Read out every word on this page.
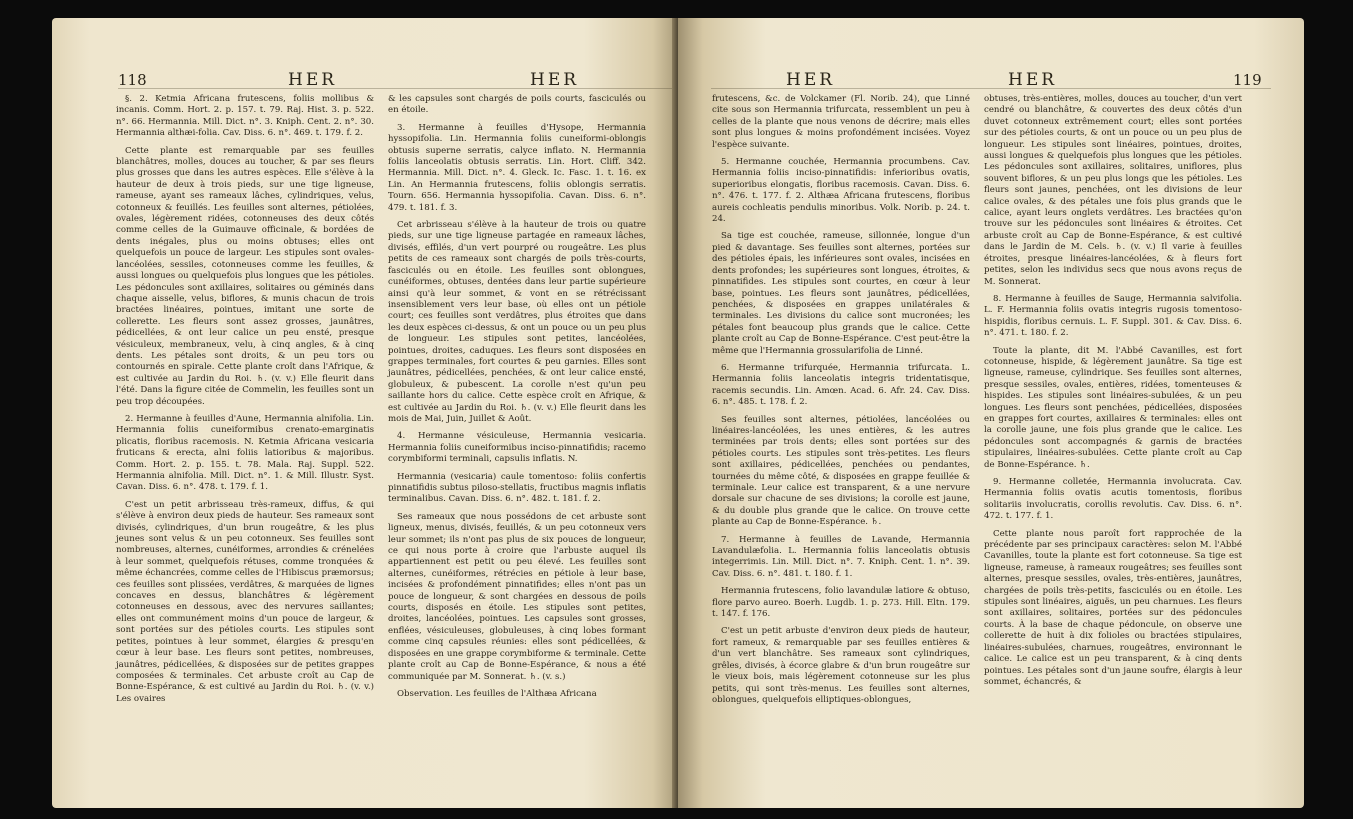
118	HER	HER

§. 2. Ketmia Africana frutescens, foliis mollibus & incanis. Comm. Hort. 2. p. 157. t. 79. Raj. Hist. 3. p. 522. n°. 66. Hermannia. Mill. Dict. n°. 3. Kniph. Cent. 2. n°. 30. Hermannia althæi-folia. Cav. Diss. 6. n°. 469. t. 179. f. 2.

Cette plante est remarquable par ses feuilles blanchâtres, molles, douces au toucher, & par ses fleurs plus grosses que dans les autres espèces. Elle s'élève à la hauteur de deux à trois pieds, sur une tige ligneuse, rameuse, ayant ses rameaux lâches, cylindriques, velus, cotonneux & feuillés. Les feuilles sont alternes, pétiolées, ovales, légèrement ridées, cotonneuses des deux côtés comme celles de la Guimauve officinale, & bordées de dents inégales, plus ou moins obtuses; elles ont quelquefois un pouce de largeur. Les stipules sont ovales-lancéolées, sessiles, cotonneuses comme les feuilles, & aussi longues ou quelquefois plus longues que les pétioles. Les pédoncules sont axillaires, solitaires ou géminés dans chaque aisselle, velus, biflores, & munis chacun de trois bractées linéaires, pointues, imitant une sorte de collerette. Les fleurs sont assez grosses, jaunâtres, pédicellées, & ont leur calice un peu ensté, presque vésiculeux, membraneux, velu, à cinq angles, & à cinq dents. Les pétales sont droits, & un peu tors ou contournés en spirale. Cette plante croît dans l'Afrique, & est cultivée au Jardin du Roi. ♄. (v. v.) Elle fleurit dans l'été. Dans la figure citée de Commelin, les feuilles sont un peu trop découpées.

2. Hermanne à feuilles d'Aune, Hermannia alnifolia. Lin. Hermannia foliis cuneiformibus crenato-emarginatis plicatis, floribus racemosis. N. Ketmia Africana vesicaria fruticans & erecta, alni foliis latioribus & majoribus. Comm. Hort. 2. p. 155. t. 78. Mala. Raj. Suppl. 522. Hermannia alnifolia. Mill. Dict. n°. 1. & Mill. Illustr. Syst. Cavan. Diss. 6. n°. 478. t. 179. f. 1.

C'est un petit arbrisseau très-rameux, diffus, & qui s'élève à environ deux pieds de hauteur. Ses rameaux sont divisés, cylindriques, d'un brun rougeâtre, & les plus jeunes sont velus & un peu cotonneux. Ses feuilles sont nombreuses, alternes, cunéiformes, arrondies & crénelées à leur sommet, quelquefois rétuses, comme tronquées & même échancrées, comme celles de l'Hibiscus præmorsus; ces feuilles sont plissées, verdâtres, & marquées de lignes concaves en dessus, blanchâtres & légèrement cotonneuses en dessous, avec des nervures saillantes; elles ont communément moins d'un pouce de largeur, & sont portées sur des pétioles courts. Les stipules sont petites, pointues à leur sommet, élargies & presqu'en cœur à leur base. Les fleurs sont petites, nombreuses, jaunâtres, pédicellées, & disposées sur de petites grappes composées & terminales. Cet arbuste croît au Cap de Bonne-Espérance, & est cultivé au Jardin du Roi. ♄. (v. v.) Les ovaires

& les capsules sont chargés de poils courts, fasciculés ou en étoile.

3. Hermanne à feuilles d'Hysope, Hermannia hyssopifolia. Lin. Hermannia foliis cuneiformi-oblongis obtusis superne serratis, calyce inflato. N. Hermannia foliis lanceolatis obtusis serratis. Lin. Hort. Cliff. 342. Hermannia. Mill. Dict. n°. 4. Gleck. Ic. Fasc. 1. t. 16. ex Lin. An Hermannia frutescens, foliis oblongis serratis. Tourn. 656. Hermannia hyssopifolia. Cavan. Diss. 6. n°. 479. t. 181. f. 3.

Cet arbrisseau s'élève à la hauteur de trois ou quatre pieds, sur une tige ligneuse partagée en rameaux lâches, divisés, effilés, d'un vert pourpré ou rougeâtre. Les plus petits de ces rameaux sont chargés de poils très-courts, fasciculés ou en étoile. Les feuilles sont oblongues, cunéiformes, obtuses, dentées dans leur partie supérieure ainsi qu'à leur sommet, & vont en se rétrécissant insensiblement vers leur base, où elles ont un pétiole court; ces feuilles sont verdâtres, plus étroites que dans les deux espèces ci-dessus, & ont un pouce ou un peu plus de longueur. Les stipules sont petites, lancéolées, pointues, droites, caduques. Les fleurs sont disposées en grappes terminales, fort courtes & peu garnies. Elles sont jaunâtres, pédicellées, penchées, & ont leur calice ensté, globuleux, & pubescent. La corolle n'est qu'un peu saillante hors du calice. Cette espèce croît en Afrique, & est cultivée au Jardin du Roi. ♄. (v. v.) Elle fleurit dans les mois de Mai, Juin, Juillet & Août.

4. Hermanne vésiculeuse, Hermannia vesicaria. Hermannia foliis cuneiformibus inciso-pinnatifidis; racemo corymbiformi terminali, capsulis inflatis. N.

Hermannia (vesicaria) caule tomentoso: foliis confertis pinnatifidis subtus piloso-stellatis, fructibus magnis inflatis terminalibus. Cavan. Diss. 6. n°. 482. t. 181. f. 2.

Ses rameaux que nous possédons de cet arbuste sont ligneux, menus, divisés, feuillés, & un peu cotonneux vers leur sommet; ils n'ont pas plus de six pouces de longueur, ce qui nous porte à croire que l'arbuste auquel ils appartiennent est petit ou peu élevé. Les feuilles sont alternes, cunéiformes, rétrécies en pétiole à leur base, incisées & profondément pinnatifides; elles n'ont pas un pouce de longueur, & sont chargées en dessous de poils courts, disposés en étoile. Les stipules sont petites, droites, lancéolées, pointues. Les capsules sont grosses, enflées, vésiculeuses, globuleuses, à cinq lobes formant comme cinq capsules réunies: elles sont pédicellées, & disposées en une grappe corymbiforme & terminale. Cette plante croît au Cap de Bonne-Espérance, & nous a été communiquée par M. Sonnerat. ♄. (v. s.)

Observation. Les feuilles de l'Althæa Africana

HER	HER	119

frutescens, &c. de Volckamer (Fl. Norib. 24), que Linné cite sous son Hermannia trifurcata, ressemblent un peu à celles de la plante que nous venons de décrire; mais elles sont plus longues & moins profondément incisées. Voyez l'espèce suivante.

5. Hermanne couchée, Hermannia procumbens. Cav. Hermannia foliis inciso-pinnatifidis: inferioribus ovatis, superioribus elongatis, floribus racemosis. Cavan. Diss. 6. n°. 476. t. 177. f. 2. Althæa Africana frutescens, floribus aureis cochleatis pendulis minoribus. Volk. Norib. p. 24. t. 24.

Sa tige est couchée, rameuse, sillonnée, longue d'un pied & davantage. Ses feuilles sont alternes, portées sur des pétioles épais, les inférieures sont ovales, incisées en dents profondes; les supérieures sont longues, étroites, & pinnatifides. Les stipules sont courtes, en cœur à leur base, pointues. Les fleurs sont jaunâtres, pédicellées, penchées, & disposées en grappes unilatérales & terminales. Les divisions du calice sont mucronées; les pétales font beaucoup plus grands que le calice. Cette plante croît au Cap de Bonne-Espérance. C'est peut-être la même que l'Hermannia grossularifolia de Linné.

6. Hermanne trifurquée, Hermannia trifurcata. L. Hermannia foliis lanceolatis integris tridentatisque, racemis secundis. Lin. Amœn. Acad. 6. Afr. 24. Cav. Diss. 6. n°. 485. t. 178. f. 2.

Ses feuilles sont alternes, pétiolées, lancéolées ou linéaires-lancéolées, les unes entières, & les autres terminées par trois dents; elles sont portées sur des pétioles courts. Les stipules sont très-petites. Les fleurs sont axillaires, pédicellées, penchées ou pendantes, tournées du même côté, & disposées en grappe feuillée & terminale. Leur calice est transparent, & a une nervure dorsale sur chacune de ses divisions; la corolle est jaune, & du double plus grande que le calice. On trouve cette plante au Cap de Bonne-Espérance. ♄.

7. Hermanne à feuilles de Lavande, Hermannia Lavandulæfolia. L. Hermannia foliis lanceolatis obtusis integerrimis. Lin. Mill. Dict. n°. 7. Kniph. Cent. 1. n°. 39. Cav. Diss. 6. n°. 481. t. 180. f. 1.

Hermannia frutescens, folio lavandulæ latiore & obtuso, flore parvo aureo. Boerh. Lugdb. 1. p. 273. Hill. Eltn. 179. t. 147. f. 176.

C'est un petit arbuste d'environ deux pieds de hauteur, fort rameux, & remarquable par ses feuilles entières & d'un vert blanchâtre. Ses rameaux sont cylindriques, grêles, divisés, à écorce glabre & d'un brun rougeâtre sur le vieux bois, mais légèrement cotonneuse sur les plus petits, qui sont très-menus. Les feuilles sont alternes, oblongues, quelquefois elliptiques-oblongues,

obtuses, très-entières, molles, douces au toucher, d'un vert cendré ou blanchâtre, & couvertes des deux côtés d'un duvet cotonneux extrêmement court; elles sont portées sur des pétioles courts, & ont un pouce ou un peu plus de longueur. Les stipules sont linéaires, pointues, droites, aussi longues & quelquefois plus longues que les pétioles. Les pédoncules sont axillaires, solitaires, uniflores, plus souvent biflores, & un peu plus longs que les pétioles. Les fleurs sont jaunes, penchées, ont les divisions de leur calice ovales, & des pétales une fois plus grands que le calice, ayant leurs onglets verdâtres. Les bractées qu'on trouve sur les pédoncules sont linéaires & étroites. Cet arbuste croît au Cap de Bonne-Espérance, & est cultivé dans le Jardin de M. Cels. ♄. (v. v.) Il varie à feuilles étroites, presque linéaires-lancéolées, & à fleurs fort petites, selon les individus secs que nous avons reçus de M. Sonnerat.

8. Hermanne à feuilles de Sauge, Hermannia salvifolia. L. F. Hermannia foliis ovatis integris rugosis tomentoso-hispidis, floribus cernuis. L. F. Suppl. 301. & Cav. Diss. 6. n°. 471. t. 180. f. 2.

Toute la plante, dit M. l'Abbé Cavanilles, est fort cotonneuse, hispide, & légèrement jaunâtre. Sa tige est ligneuse, rameuse, cylindrique. Ses feuilles sont alternes, presque sessiles, ovales, entières, ridées, tomenteuses & hispides. Les stipules sont linéaires-subulées, & un peu longues. Les fleurs sont penchées, pédicellées, disposées en grappes fort courtes, axillaires & terminales: elles ont la corolle jaune, une fois plus grande que le calice. Les pédoncules sont accompagnés & garnis de bractées stipulaires, linéaires-subulées. Cette plante croît au Cap de Bonne-Espérance. ♄.

9. Hermanne colletée, Hermannia involucrata. Cav. Hermannia foliis ovatis acutis tomentosis, floribus solitariis involucratis, corollis revolutis. Cav. Diss. 6. n°. 472. t. 177. f. 1.

Cette plante nous paroît fort rapprochée de la précédente par ses principaux caractères: selon M. l'Abbé Cavanilles, toute la plante est fort cotonneuse. Sa tige est ligneuse, rameuse, à rameaux rougeâtres; ses feuilles sont alternes, presque sessiles, ovales, très-entières, jaunâtres, chargées de poils très-petits, fasciculés ou en étoile. Les stipules sont linéaires, aiguës, un peu charnues. Les fleurs sont axillaires, solitaires, portées sur des pédoncules courts. À la base de chaque pédoncule, on observe une collerette de huit à dix folioles ou bractées stipulaires, linéaires-subulées, charnues, rougeâtres, environnant le calice. Le calice est un peu transparent, & à cinq dents pointues. Les pétales sont d'un jaune soufre, élargis à leur sommet, échancrés, &
